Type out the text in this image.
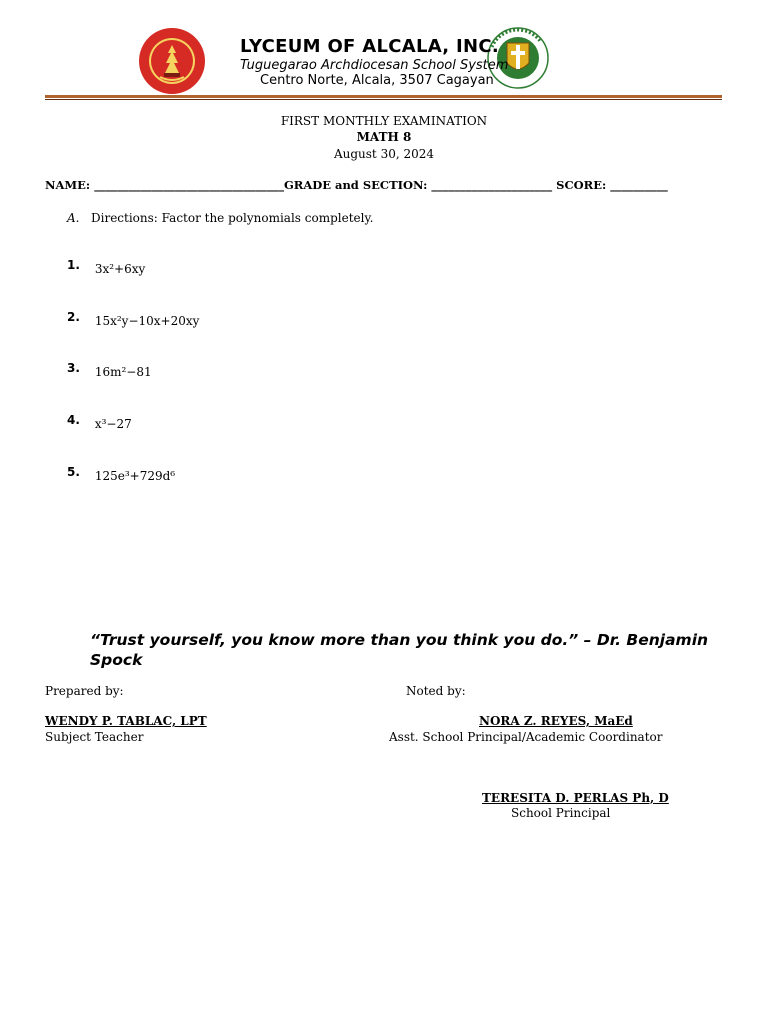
LYCEUM OF ALCALA, INC.
Tuguegarao Archdiocesan School System
Centro Norte, Alcala, 3507 Cagayan
FIRST MONTHLY EXAMINATION
MATH 8
August 30, 2024
NAME: _________________________________GRADE and SECTION: _____________________ SCORE: __________
A. Directions: Factor the polynomials completely.
1. 3x²+6xy
2. 15x²y−10x+20xy
3. 16m²−81
4. x³−27
5. 125e³+729d⁶
“Trust yourself, you know more than you think you do.” – Dr. Benjamin Spock
Prepared by:	Noted by:
WENDY P. TABLAC, LPT
Subject Teacher
NORA Z. REYES, MaEd
Asst. School Principal/Academic Coordinator
TERESITA D. PERLAS Ph, D
School Principal
